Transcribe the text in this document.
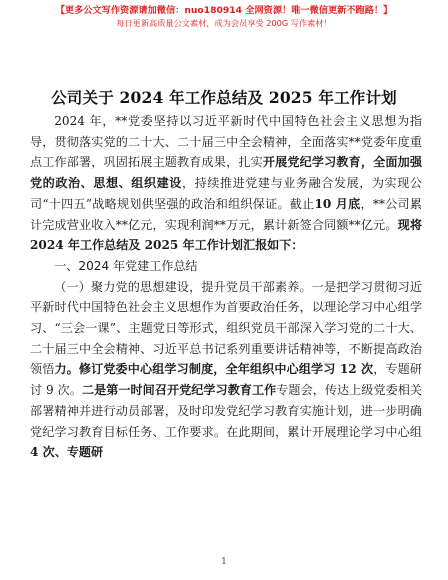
【更多公文写作资源请加微信：nuo180914 全网资源！唯一微信更新不跑路！】
每日更新高质量公文素材，成为会员享受 200G 写作素材！
公司关于 2024 年工作总结及 2025 年工作计划

2024 年，**党委坚持以习近平新时代中国特色社会主义思想为指导，贯彻落实党的二十大、二十届三中全会精神，全面落实**党委年度重点工作部署，巩固拓展主题教育成果，扎实开展党纪学习教育，全面加强党的政治、思想、组织建设，持续推进党建与业务融合发展，为实现公司“十四五”战略规划供坚强的政治和组织保证。截止10 月底，**公司累计完成营业收入**亿元，实现利润**万元，累计新签合同额**亿元。现将 2024 年工作总结及 2025 年工作计划汇报如下：

一、2024 年党建工作总结

（一）聚力党的思想建设，提升党员干部素养。一是把学习贯彻习近平新时代中国特色社会主义思想作为首要政治任务，以理论学习中心组学习、“三会一课”、主题党日等形式，组织党员干部深入学习党的二十大、二十届三中全会精神、习近平总书记系列重要讲话精神等，不断提高政治领悟力。修订党委中心组学习制度，全年组织中心组学习 12 次，专题研讨 9 次。二是第一时间召开党纪学习教育工作专题会，传达上级党委相关部署精神并进行动员部署，及时印发党纪学习教育实施计划，进一步明确党纪学习教育目标任务、工作要求。在此期间，累计开展理论学习中心组4 次、专题研

1
